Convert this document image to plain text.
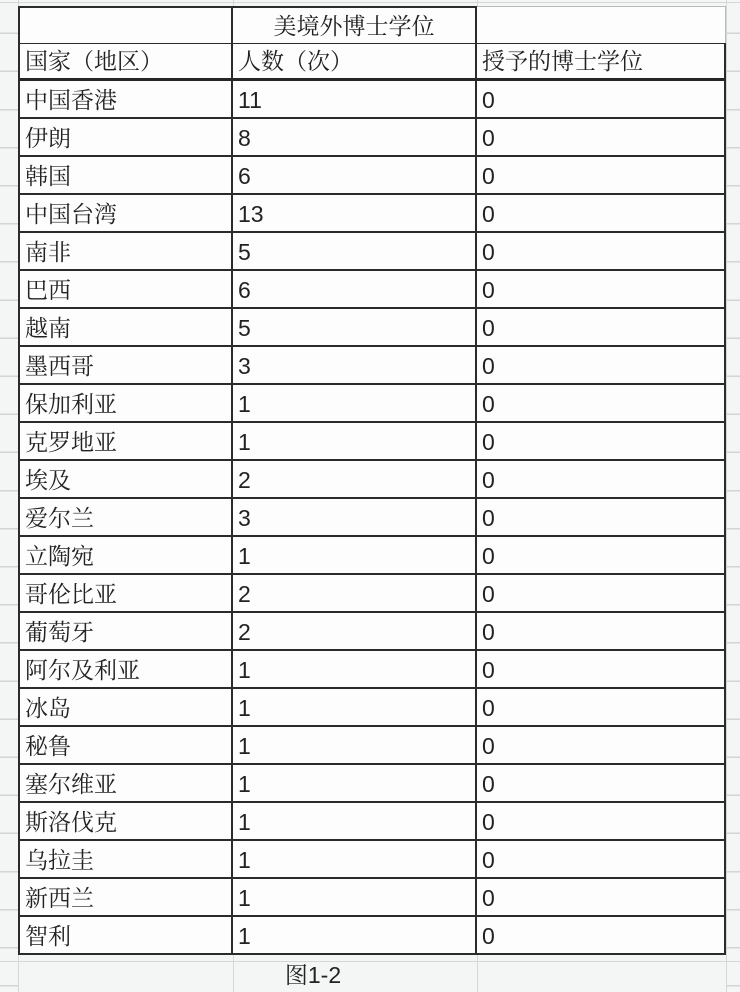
美境外博士学位
国家（地区）	人数（次）	授予的博士学位
中国香港	11	0
伊朗	8	0
韩国	6	0
中国台湾	13	0
南非	5	0
巴西	6	0
越南	5	0
墨西哥	3	0
保加利亚	1	0
克罗地亚	1	0
埃及	2	0
爱尔兰	3	0
立陶宛	1	0
哥伦比亚	2	0
葡萄牙	2	0
阿尔及利亚	1	0
冰岛	1	0
秘鲁	1	0
塞尔维亚	1	0
斯洛伐克	1	0
乌拉圭	1	0
新西兰	1	0
智利	1	0
图1-2
